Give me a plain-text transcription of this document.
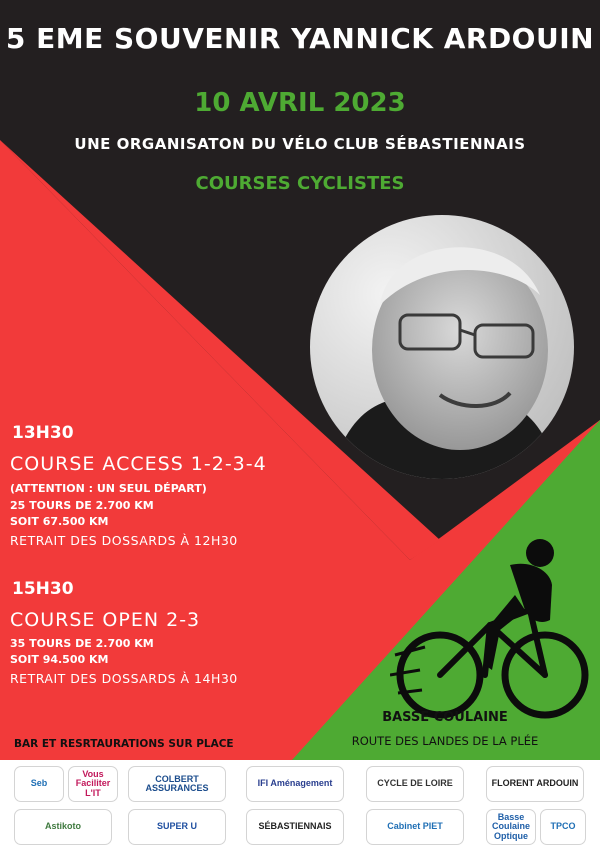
5 EME SOUVENIR YANNICK ARDOUIN
10 AVRIL 2023
UNE ORGANISATON DU VÉLO CLUB SÉBASTIENNAIS
COURSES CYCLISTES
13H30
COURSE ACCESS 1-2-3-4
(ATTENTION : UN SEUL DÉPART)
25 TOURS DE 2.700 KM
SOIT 67.500 KM
RETRAIT DES DOSSARDS À 12H30
15H30
COURSE OPEN 2-3
35 TOURS DE 2.700 KM
SOIT 94.500 KM
RETRAIT DES DOSSARDS À 14H30
BAR ET RESRTAURATIONS SUR PLACE
BASSE COULAINE
ROUTE DES LANDES DE LA PLÉE
Seb
Vous Faciliter L'IT
COLBERT ASSURANCES	IFI Aménagement	CYCLE DE LOIRE	FLORENT ARDOUIN
Astikoto	SUPER U	SÉBASTIENNAIS	Cabinet PIET
Basse Coulaine Optique
TPCO
